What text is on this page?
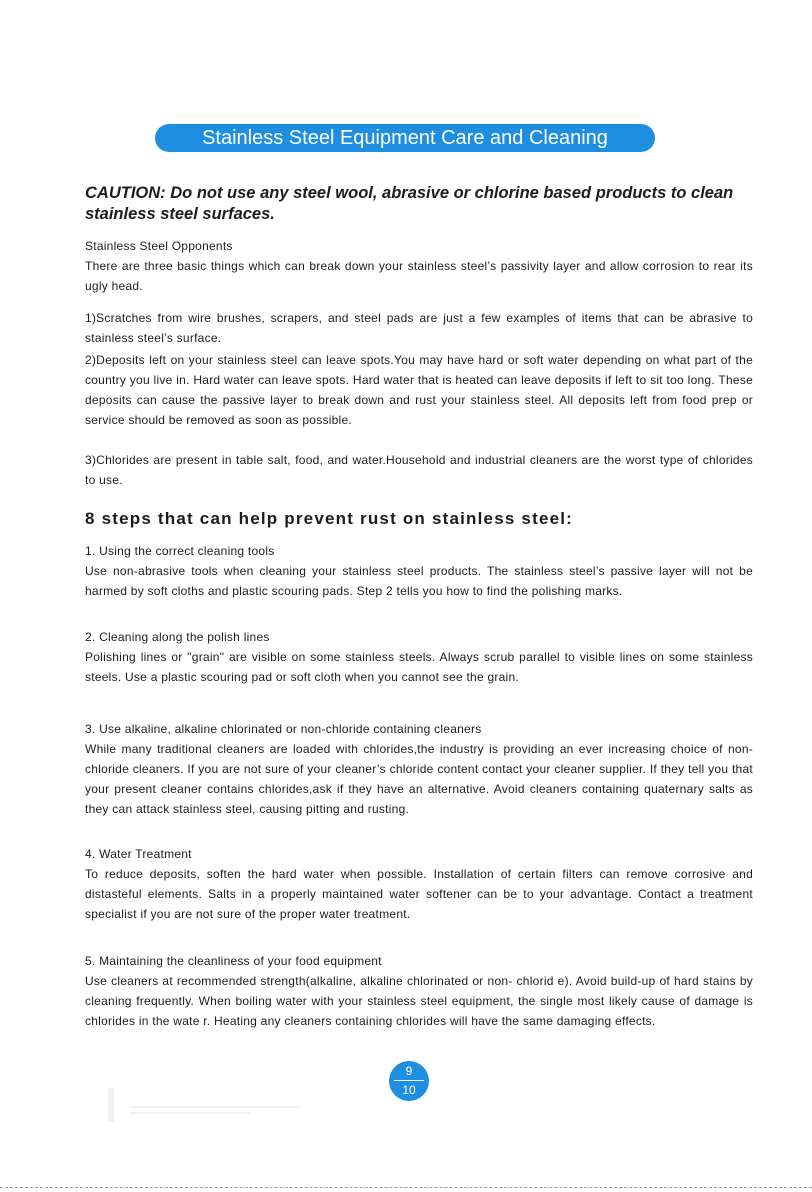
Stainless Steel Equipment Care and Cleaning
CAUTION: Do not use any steel wool, abrasive or chlorine based products to clean stainless steel surfaces.

Stainless Steel Opponents

There are three basic things which can break down your stainless steel’s passivity layer and allow corrosion to rear its ugly head.

1)Scratches from wire brushes, scrapers, and steel pads are just a few examples of items that can be abrasive to stainless steel’s surface.

2)Deposits left on your stainless steel can leave spots.You may have hard or soft water depending on what part of the country you live in. Hard water can leave spots. Hard water that is heated can leave deposits if left to sit too long. These deposits can cause the passive layer to break down and rust your stainless steel. All deposits left from food prep or service should be removed as soon as possible.

3)Chlorides are present in table salt, food, and water.Household and industrial cleaners are the worst type of chlorides to use.

8 steps that can help prevent rust on stainless steel:

1. Using the correct cleaning tools

Use non-abrasive tools when cleaning your stainless steel products. The stainless steel’s passive layer will not be harmed by soft cloths and plastic scouring pads. Step 2 tells you how to find the polishing marks.

2. Cleaning along the polish lines

Polishing lines or "grain" are visible on some stainless steels. Always scrub parallel to visible lines on some stainless steels. Use a plastic scouring pad or soft cloth when you cannot see the grain.

3. Use alkaline, alkaline chlorinated or non-chloride containing cleaners

While many traditional cleaners are loaded with chlorides,the industry is providing an ever increasing choice of non-chloride cleaners. If you are not sure of your cleaner’s chloride content contact your cleaner supplier. If they tell you that your present cleaner contains chlorides,ask if they have an alternative. Avoid cleaners containing quaternary salts as they can attack stainless steel, causing pitting and rusting.

4. Water Treatment

To reduce deposits, soften the hard water when possible. Installation of certain filters can remove corrosive and distasteful elements. Salts in a properly maintained water softener can be to your advantage. Contact a treatment specialist if you are not sure of the proper water treatment.

5. Maintaining the cleanliness of your food equipment

Use cleaners at recommended strength(alkaline, alkaline chlorinated or non- chlorid e). Avoid build-up of hard stains by cleaning frequently. When boiling water with your stainless steel equipment, the single most likely cause of damage is chlorides in the wate r. Heating any cleaners containing chlorides will have the same damaging effects.

9
10
